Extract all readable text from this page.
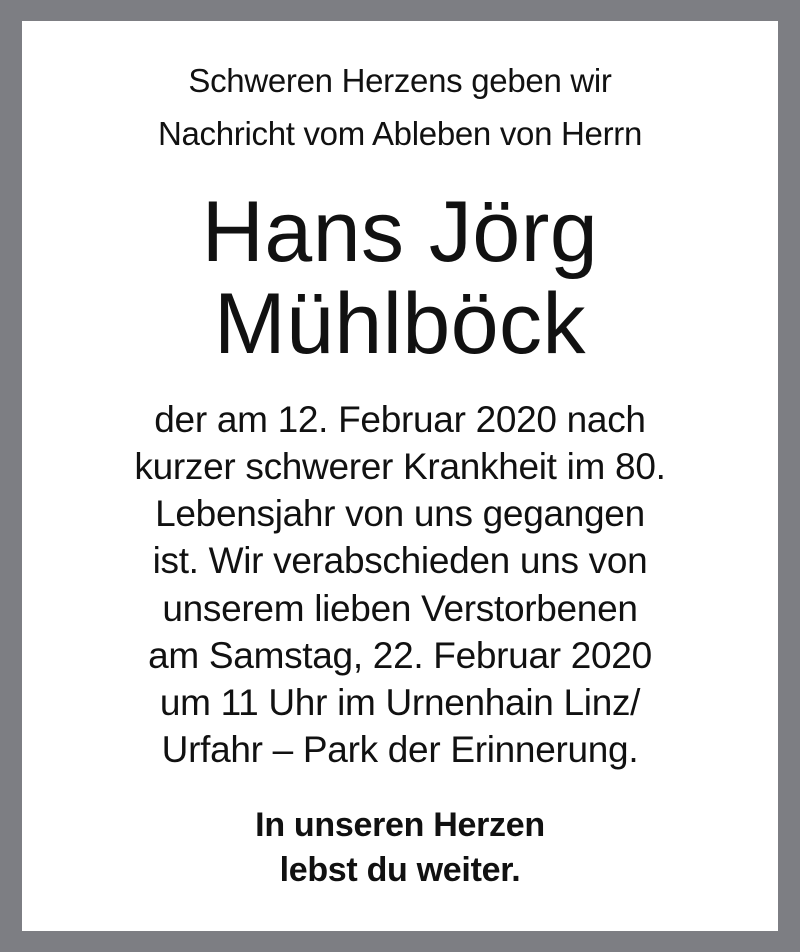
Schweren Herzens geben wir
Nachricht vom Ableben von Herrn
Hans Jörg
Mühlböck
der am 12. Februar 2020 nach
kurzer schwerer Krankheit im 80.
Lebensjahr von uns gegangen
ist. Wir verabschieden uns von
unserem lieben Verstorbenen
am Samstag, 22. Februar 2020
um 11 Uhr im Urnenhain Linz/
Urfahr – Park der Erinnerung.
In unseren Herzen
lebst du weiter.
